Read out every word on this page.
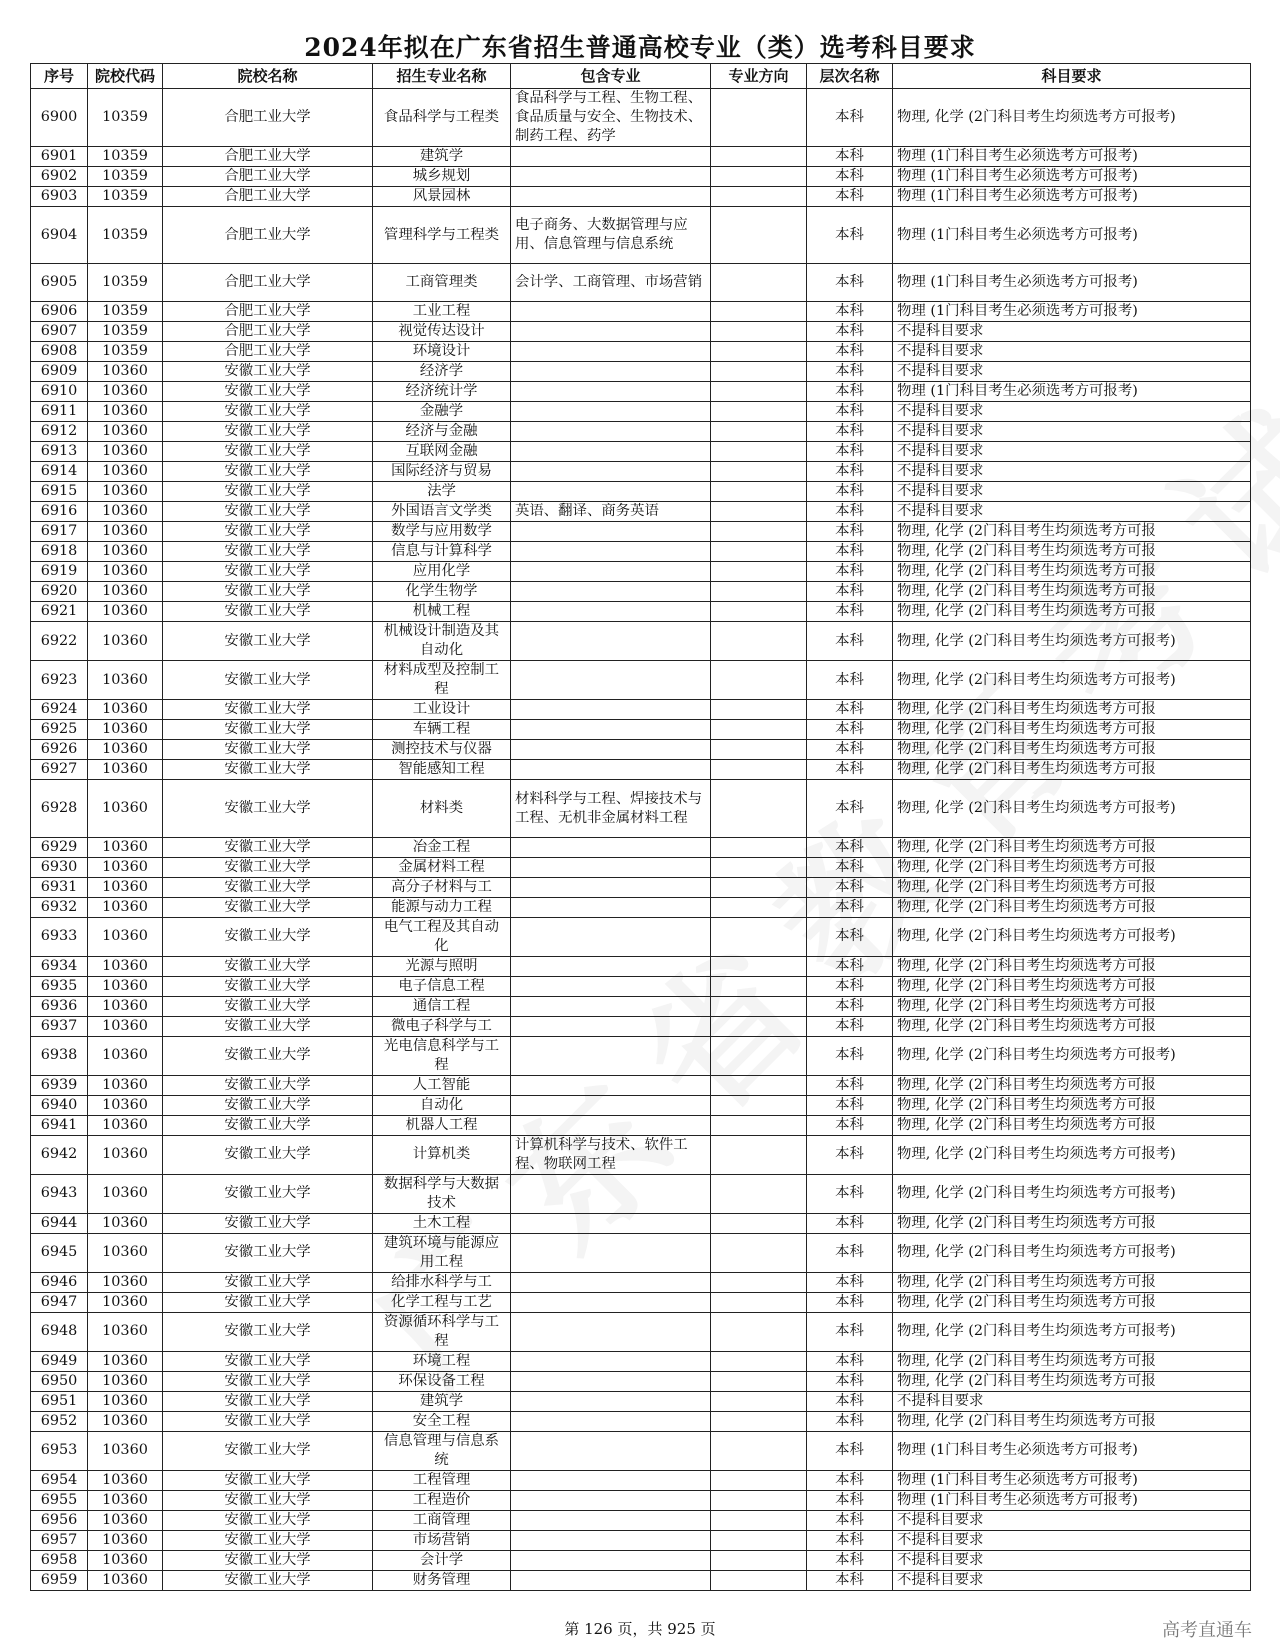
2024年拟在广东省招生普通高校专业（类）选考科目要求
序号	院校代码	院校名称	招生专业名称	包含专业	专业方向	层次名称	科目要求
6900	10359	合肥工业大学	食品科学与工程类	食品科学与工程、生物工程、食品质量与安全、生物技术、制药工程、药学		本科	物理, 化学 (2门科目考生均须选考方可报考)
6901	10359	合肥工业大学	建筑学			本科	物理 (1门科目考生必须选考方可报考)
6902	10359	合肥工业大学	城乡规划			本科	物理 (1门科目考生必须选考方可报考)
6903	10359	合肥工业大学	风景园林			本科	物理 (1门科目考生必须选考方可报考)
6904	10359	合肥工业大学	管理科学与工程类	电子商务、大数据管理与应用、信息管理与信息系统		本科	物理 (1门科目考生必须选考方可报考)
6905	10359	合肥工业大学	工商管理类	会计学、工商管理、市场营销		本科	物理 (1门科目考生必须选考方可报考)
6906	10359	合肥工业大学	工业工程			本科	物理 (1门科目考生必须选考方可报考)
6907	10359	合肥工业大学	视觉传达设计			本科	不提科目要求
6908	10359	合肥工业大学	环境设计			本科	不提科目要求
6909	10360	安徽工业大学	经济学			本科	不提科目要求
6910	10360	安徽工业大学	经济统计学			本科	物理 (1门科目考生必须选考方可报考)
6911	10360	安徽工业大学	金融学			本科	不提科目要求
6912	10360	安徽工业大学	经济与金融			本科	不提科目要求
6913	10360	安徽工业大学	互联网金融			本科	不提科目要求
6914	10360	安徽工业大学	国际经济与贸易			本科	不提科目要求
6915	10360	安徽工业大学	法学			本科	不提科目要求
6916	10360	安徽工业大学	外国语言文学类	英语、翻译、商务英语		本科	不提科目要求
6917	10360	安徽工业大学	数学与应用数学			本科	物理, 化学 (2门科目考生均须选考方可报
6918	10360	安徽工业大学	信息与计算科学			本科	物理, 化学 (2门科目考生均须选考方可报
6919	10360	安徽工业大学	应用化学			本科	物理, 化学 (2门科目考生均须选考方可报
6920	10360	安徽工业大学	化学生物学			本科	物理, 化学 (2门科目考生均须选考方可报
6921	10360	安徽工业大学	机械工程			本科	物理, 化学 (2门科目考生均须选考方可报
6922	10360	安徽工业大学	机械设计制造及其自动化			本科	物理, 化学 (2门科目考生均须选考方可报考)
6923	10360	安徽工业大学	材料成型及控制工程			本科	物理, 化学 (2门科目考生均须选考方可报考)
6924	10360	安徽工业大学	工业设计			本科	物理, 化学 (2门科目考生均须选考方可报
6925	10360	安徽工业大学	车辆工程			本科	物理, 化学 (2门科目考生均须选考方可报
6926	10360	安徽工业大学	测控技术与仪器			本科	物理, 化学 (2门科目考生均须选考方可报
6927	10360	安徽工业大学	智能感知工程			本科	物理, 化学 (2门科目考生均须选考方可报
6928	10360	安徽工业大学	材料类	材料科学与工程、焊接技术与工程、无机非金属材料工程		本科	物理, 化学 (2门科目考生均须选考方可报考)
6929	10360	安徽工业大学	冶金工程			本科	物理, 化学 (2门科目考生均须选考方可报
6930	10360	安徽工业大学	金属材料工程			本科	物理, 化学 (2门科目考生均须选考方可报
6931	10360	安徽工业大学	高分子材料与工			本科	物理, 化学 (2门科目考生均须选考方可报
6932	10360	安徽工业大学	能源与动力工程			本科	物理, 化学 (2门科目考生均须选考方可报
6933	10360	安徽工业大学	电气工程及其自动化			本科	物理, 化学 (2门科目考生均须选考方可报考)
6934	10360	安徽工业大学	光源与照明			本科	物理, 化学 (2门科目考生均须选考方可报
6935	10360	安徽工业大学	电子信息工程			本科	物理, 化学 (2门科目考生均须选考方可报
6936	10360	安徽工业大学	通信工程			本科	物理, 化学 (2门科目考生均须选考方可报
6937	10360	安徽工业大学	微电子科学与工			本科	物理, 化学 (2门科目考生均须选考方可报
6938	10360	安徽工业大学	光电信息科学与工程			本科	物理, 化学 (2门科目考生均须选考方可报考)
6939	10360	安徽工业大学	人工智能			本科	物理, 化学 (2门科目考生均须选考方可报
6940	10360	安徽工业大学	自动化			本科	物理, 化学 (2门科目考生均须选考方可报
6941	10360	安徽工业大学	机器人工程			本科	物理, 化学 (2门科目考生均须选考方可报
6942	10360	安徽工业大学	计算机类	计算机科学与技术、软件工程、物联网工程		本科	物理, 化学 (2门科目考生均须选考方可报考)
6943	10360	安徽工业大学	数据科学与大数据技术			本科	物理, 化学 (2门科目考生均须选考方可报考)
6944	10360	安徽工业大学	土木工程			本科	物理, 化学 (2门科目考生均须选考方可报
6945	10360	安徽工业大学	建筑环境与能源应用工程			本科	物理, 化学 (2门科目考生均须选考方可报考)
6946	10360	安徽工业大学	给排水科学与工			本科	物理, 化学 (2门科目考生均须选考方可报
6947	10360	安徽工业大学	化学工程与工艺			本科	物理, 化学 (2门科目考生均须选考方可报
6948	10360	安徽工业大学	资源循环科学与工程			本科	物理, 化学 (2门科目考生均须选考方可报考)
6949	10360	安徽工业大学	环境工程			本科	物理, 化学 (2门科目考生均须选考方可报
6950	10360	安徽工业大学	环保设备工程			本科	物理, 化学 (2门科目考生均须选考方可报
6951	10360	安徽工业大学	建筑学			本科	不提科目要求
6952	10360	安徽工业大学	安全工程			本科	物理, 化学 (2门科目考生均须选考方可报
6953	10360	安徽工业大学	信息管理与信息系统			本科	物理 (1门科目考生必须选考方可报考)
6954	10360	安徽工业大学	工程管理			本科	物理 (1门科目考生必须选考方可报考)
6955	10360	安徽工业大学	工程造价			本科	物理 (1门科目考生必须选考方可报考)
6956	10360	安徽工业大学	工商管理			本科	不提科目要求
6957	10360	安徽工业大学	市场营销			本科	不提科目要求
6958	10360	安徽工业大学	会计学			本科	不提科目要求
6959	10360	安徽工业大学	财务管理			本科	不提科目要求
第 126 页，共 925 页	高考直通车
